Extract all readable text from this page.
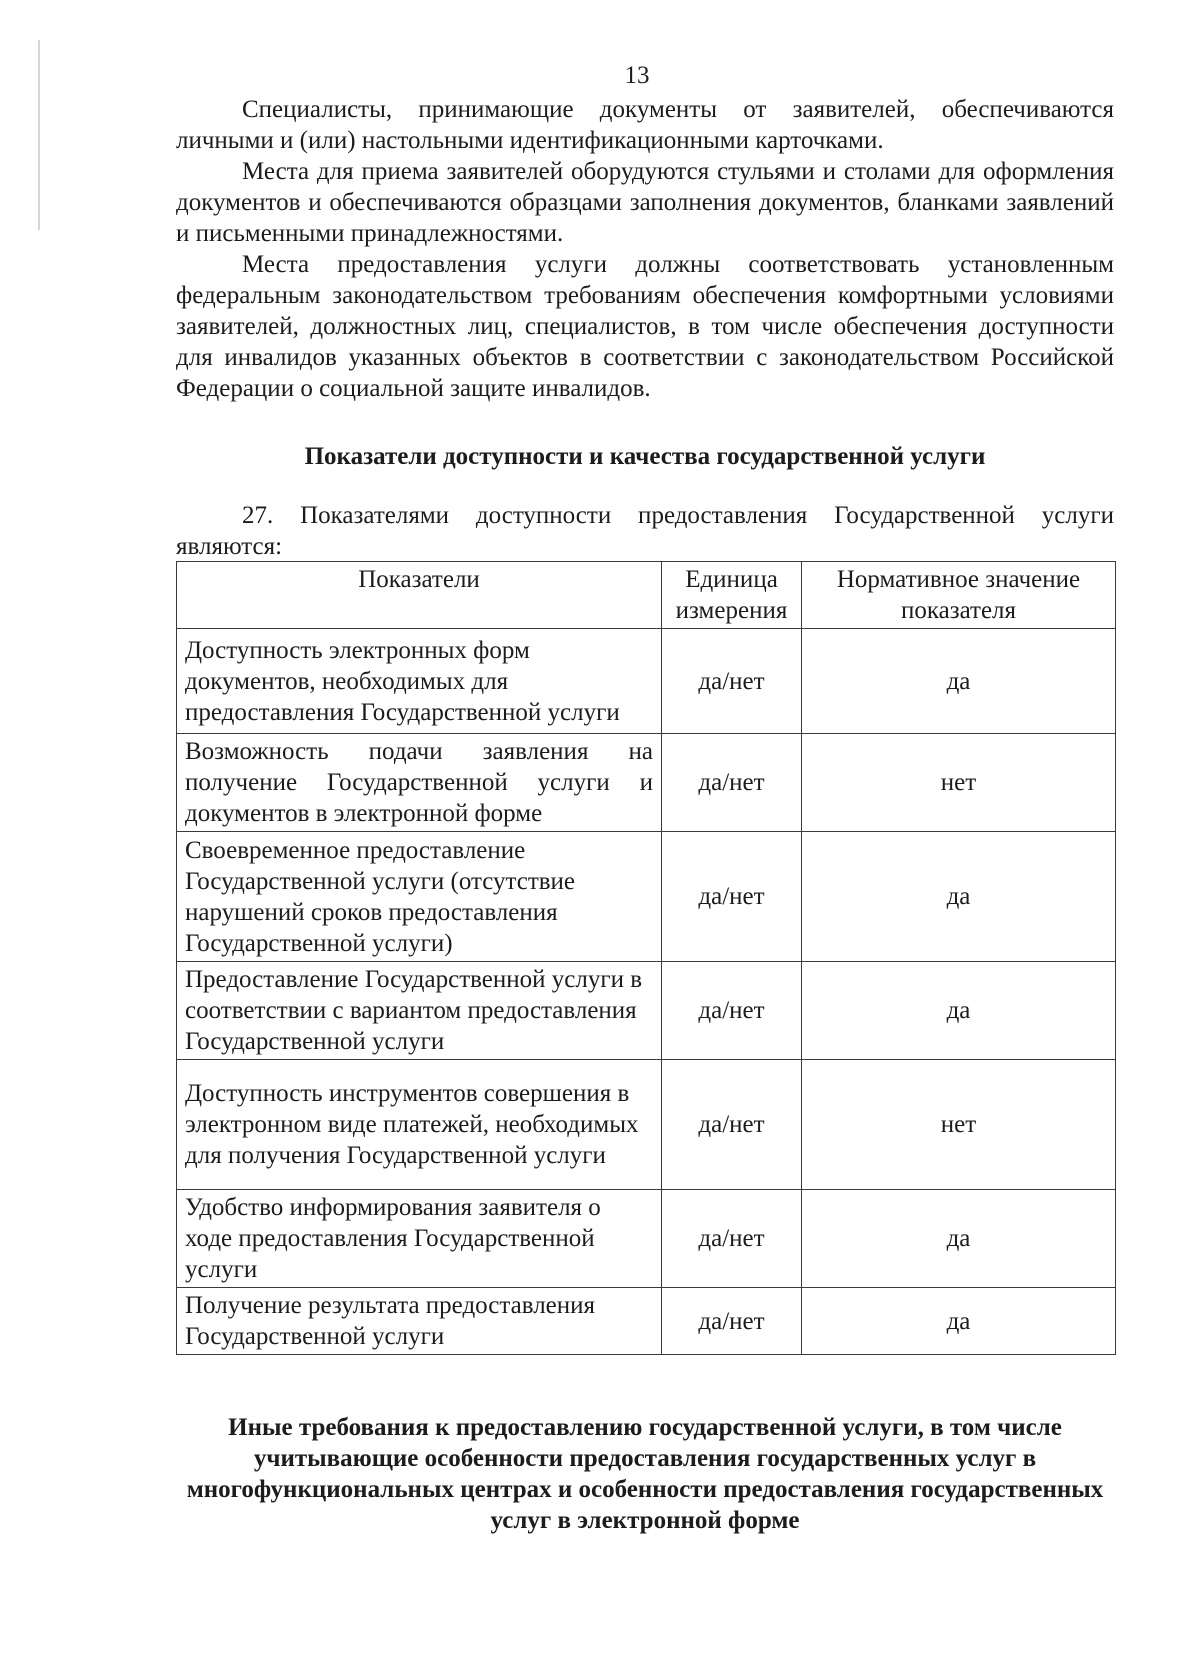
13

Специалисты, принимающие документы от заявителей, обеспечиваются личными и (или) настольными идентификационными карточками.

Места для приема заявителей оборудуются стульями и столами для оформления документов и обеспечиваются образцами заполнения документов, бланками заявлений и письменными принадлежностями.

Места предоставления услуги должны соответствовать установленным федеральным законодательством требованиям обеспечения комфортными условиями заявителей, должностных лиц, специалистов, в том числе обеспечения доступности для инвалидов указанных объектов в соответствии с законодательством Российской Федерации о социальной защите инвалидов.

Показатели доступности и качества государственной услуги

27. Показателями доступности предоставления Государственной услуги являются:

Показатели	Единица измерения	Нормативное значение показателя
Доступность электронных форм документов, необходимых для предоставления Государственной услуги	да/нет	да
Возможность подачи заявления на получение Государственной услуги и документов в электронной форме	да/нет	нет
Своевременное предоставление Государственной услуги (отсутствие нарушений сроков предоставления Государственной услуги)	да/нет	да
Предоставление Государственной услуги в соответствии с вариантом предоставления Государственной услуги	да/нет	да
Доступность инструментов совершения в электронном виде платежей, необходимых для получения Государственной услуги	да/нет	нет
Удобство информирования заявителя о ходе предоставления Государственной услуги	да/нет	да
Получение результата предоставления Государственной услуги	да/нет	да
Иные требования к предоставлению государственной услуги, в том числе учитывающие особенности предоставления государственных услуг в многофункциональных центрах и особенности предоставления государственных услуг в электронной форме
